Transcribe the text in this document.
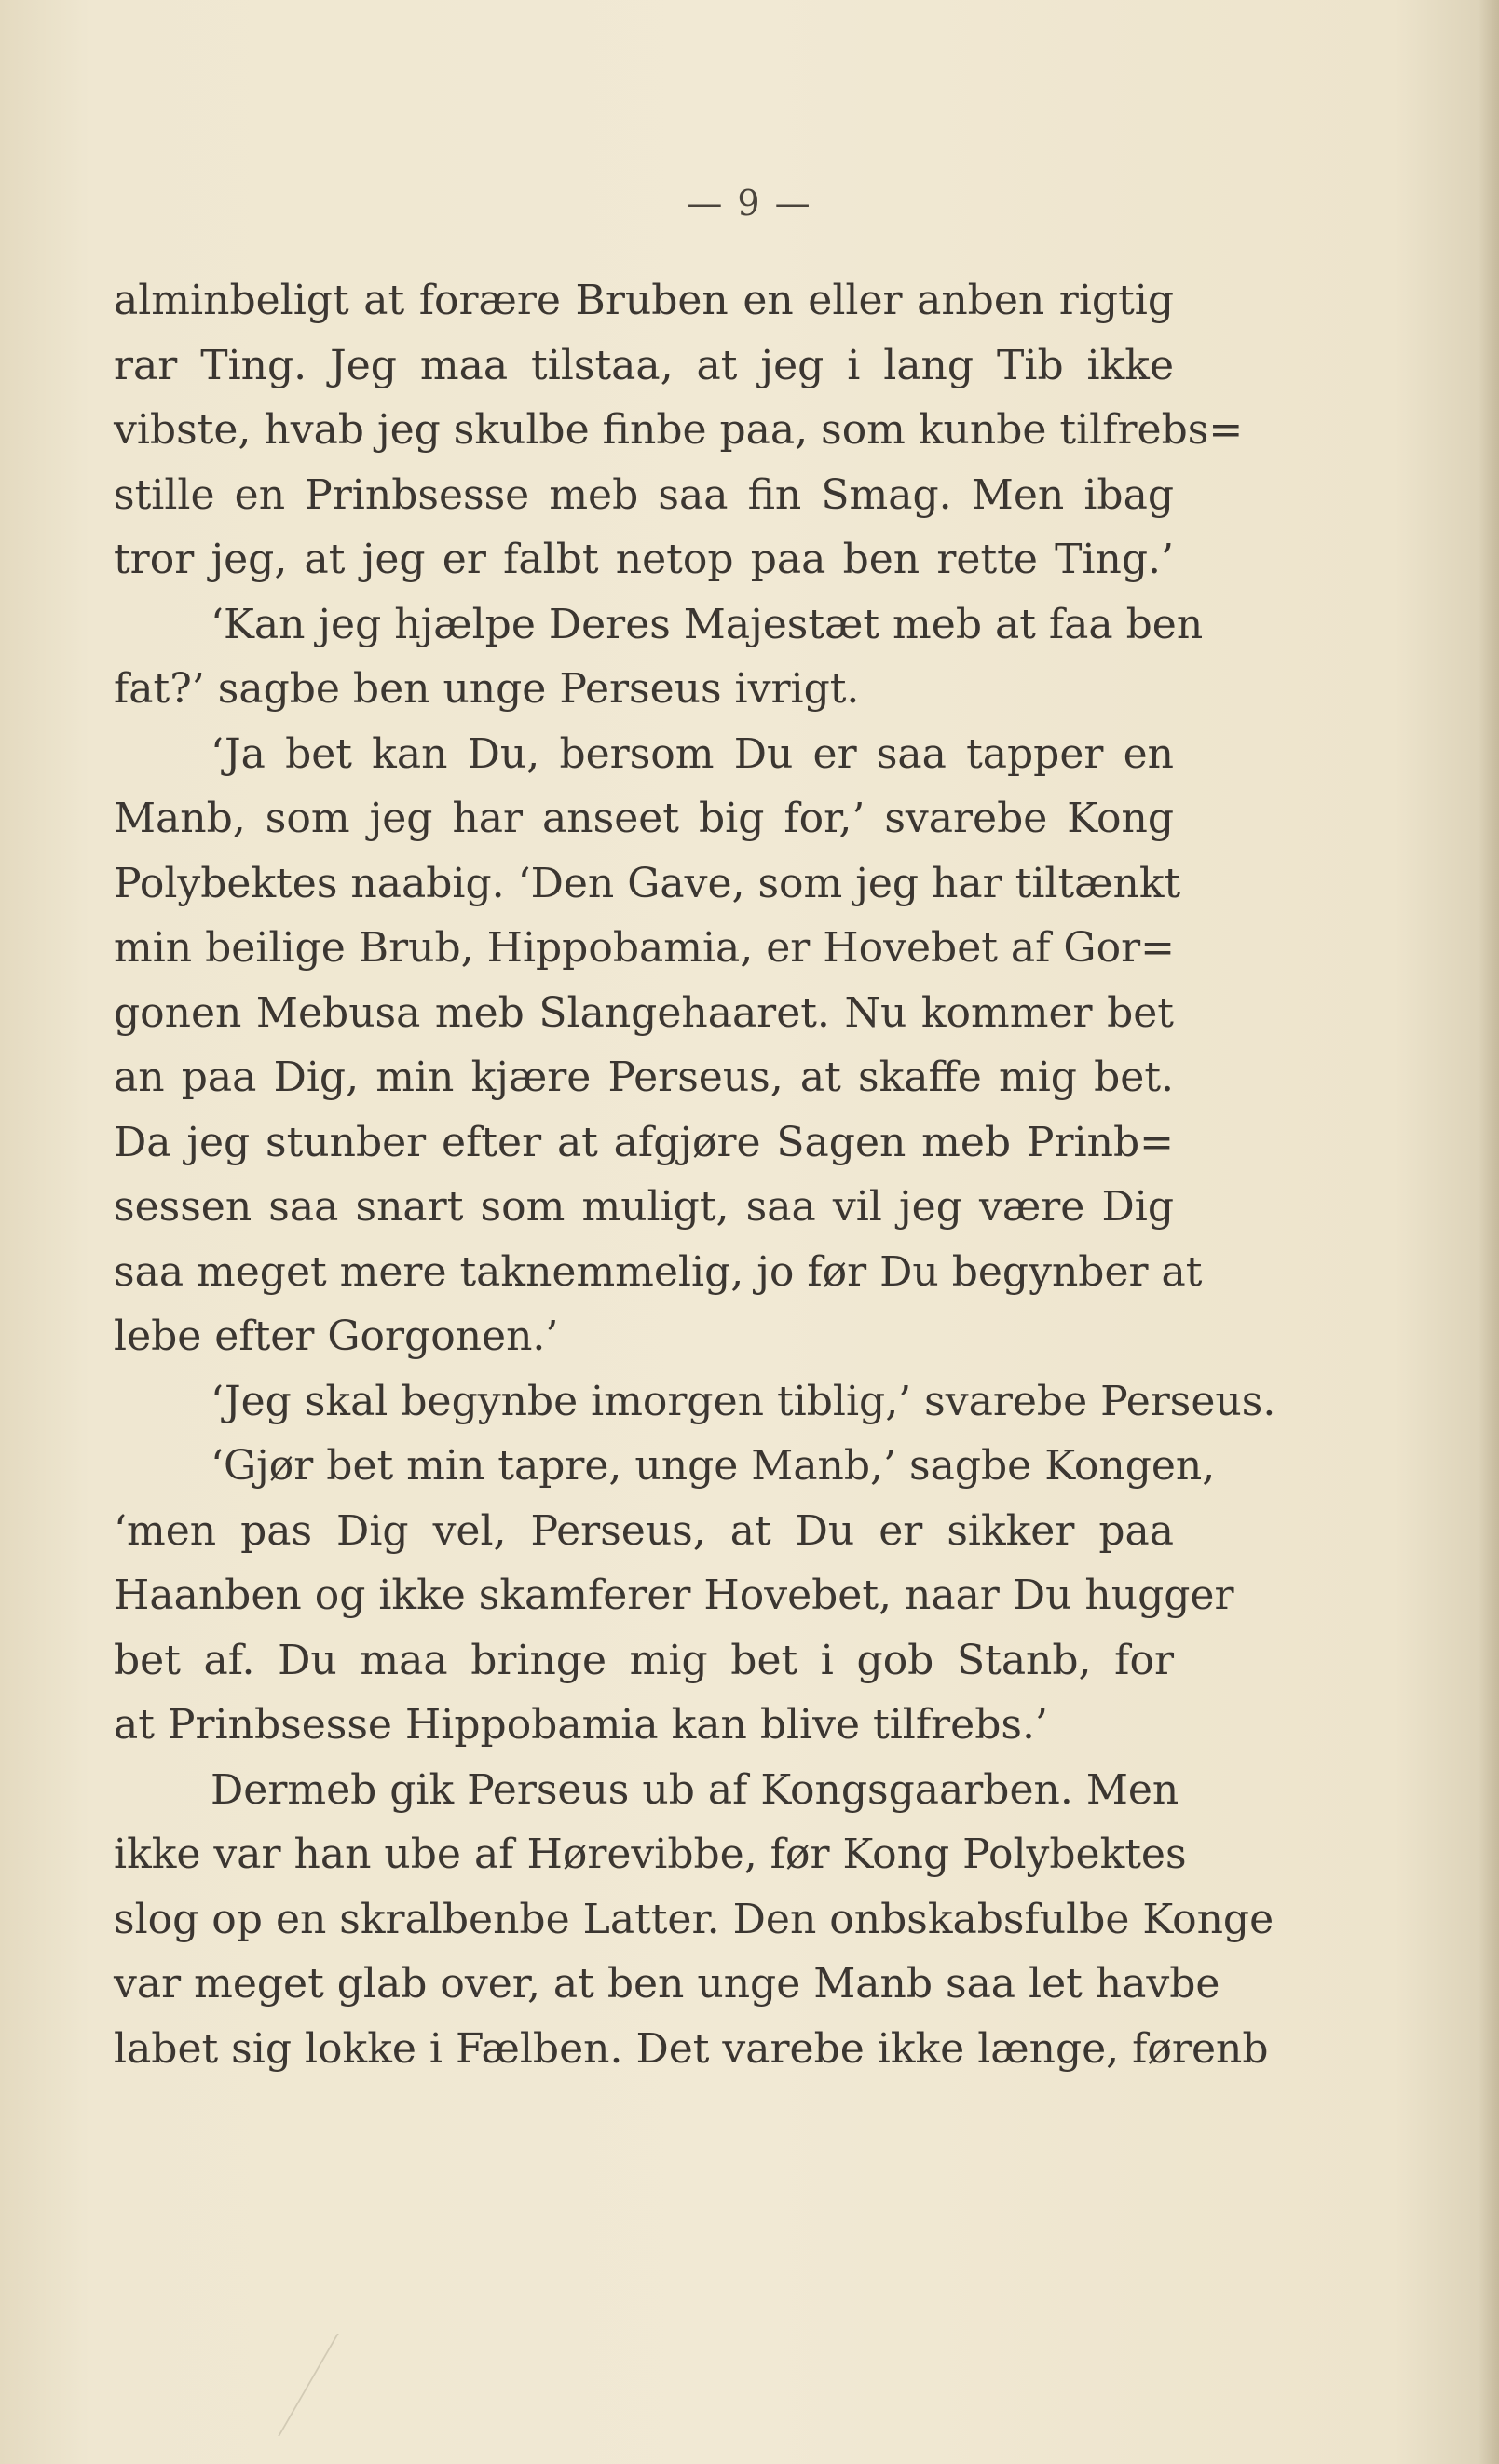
— 9 —
alminbeligt at forære Bruben en eller anben rigtig
rar Ting. Jeg maa tilstaa, at jeg i lang Tib ikke
vibste, hvab jeg skulbe finbe paa, som kunbe tilfrebs=
stille en Prinbsesse meb saa fin Smag. Men ibag
tror jeg, at jeg er falbt netop paa ben rette Ting.’
‘Kan jeg hjælpe Deres Majestæt meb at faa ben
fat?’ sagbe ben unge Perseus ivrigt.
‘Ja bet kan Du, bersom Du er saa tapper en
Manb, som jeg har anseet big for,’ svarebe Kong
Polybektes naabig. ‘Den Gave, som jeg har tiltænkt
min beilige Brub, Hippobamia, er Hovebet af Gor=
gonen Mebusa meb Slangehaaret. Nu kommer bet
an paa Dig, min kjære Perseus, at skaffe mig bet.
Da jeg stunber efter at afgjøre Sagen meb Prinb=
sessen saa snart som muligt, saa vil jeg være Dig
saa meget mere taknemmelig, jo før Du begynber at
lebe efter Gorgonen.’
‘Jeg skal begynbe imorgen tiblig,’ svarebe Perseus.
‘Gjør bet min tapre, unge Manb,’ sagbe Kongen,
‘men pas Dig vel, Perseus, at Du er sikker paa
Haanben og ikke skamferer Hovebet, naar Du hugger
bet af. Du maa bringe mig bet i gob Stanb, for
at Prinbsesse Hippobamia kan blive tilfrebs.’
Dermeb gik Perseus ub af Kongsgaarben. Men
ikke var han ube af Hørevibbe, før Kong Polybektes
slog op en skralbenbe Latter. Den onbskabsfulbe Konge
var meget glab over, at ben unge Manb saa let havbe
labet sig lokke i Fælben. Det varebe ikke længe, førenb
